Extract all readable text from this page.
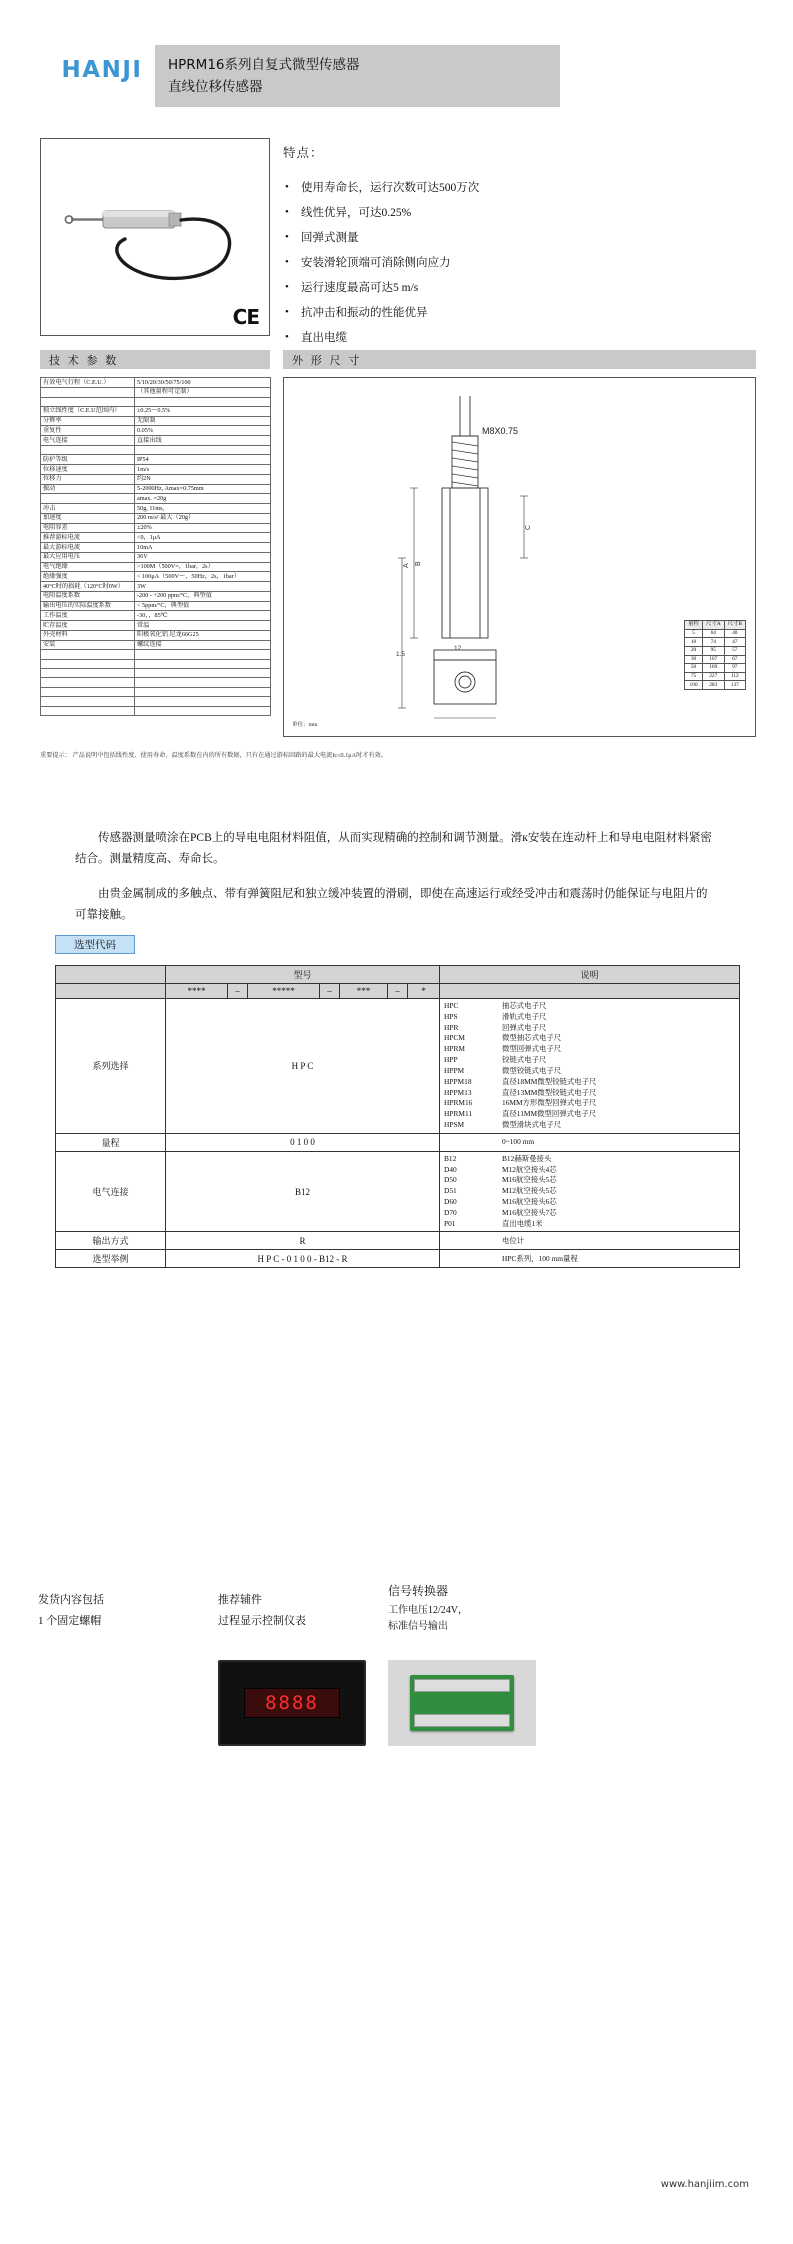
HANJI HPRM16系列自复式微型传感器
直线位移传感器
CE
特点：
• 使用寿命长，运行次数可达500万次
• 线性优异，可达0.25%
• 回弹式测量
• 安装滑轮顶端可消除侧向应力
• 运行速度最高可达5 m/s
• 抗冲击和振动的性能优异
• 直出电缆
技 术 参 数	外 形 尺 寸
有效电气行程（C.E.U.）	5/10/20/30/50/75/100
	（其他量程可定制）

独立线性度（C.E.U范围内）	±0.25～0.5%
分辨率	无限制
重复性	0.05%
电气连接	直接出线

防护等级	IP54
位移速度	1m/s
位移力	约2N
振动	5-2000Hz, Amax=0.75mm
	amax. =20g
冲击	50g, 11ms,
加速度	200 m/s² 最大（20g）
电阻容差	±20%
推荐游标电流	<0，1μA
最大游标电流	10mA
最大应用电压	36V
电气绝缘	>100M（500V=，1bar，2s）
绝缘强度	< 100μA（500V～，50Hz，2s，1bar）
40°C时的损耗（120°C时0W）	3W
电阻温度系数	-200 - +200 ppm/°C，典型值
输出电压的实际温度系数	< 5ppm/°C，典型值
工作温度	-30，，85℃
贮存温度	常温
外壳材料	阳极氧化铝 尼龙66G25
安装	螺纹连接

A B
C
M8X0.75
1.5
12
量程	尺寸A	尺寸B
5	64	40
10	74	47
20	95	57
30	107	67
50	169	97
75	227	112
100	283	137
单位：mm
重要提示： 产品说明中包括线性度、使用寿命、温度系数在内的所有数据，只有在通过游标回路的最大电流Ic≤0.1μA时才有效。
传感器测量喷涂在PCB上的导电电阻材料阻值，从而实现精确的控制和调节测量。滑к安装在连动杆上和导电电阻材料紧密结合。测量精度高、寿命长。
由贵金属制成的多触点、带有弹簧阻尼和独立缓冲装置的滑刷，即使在高速运行或经受冲击和震荡时仍能保证与电阻片的可靠接触。
选型代码
	型号							说明
	****	–	*****	–	***	–	*	
系列选择	H P C	
HPC	抽芯式电子尺
HPS	滑轨式电子尺
HPR	回弹式电子尺
HPCM	微型抽芯式电子尺
HPRM	微型回弹式电子尺
HPP	铰链式电子尺
HPPM	微型铰链式电子尺
HPPM18	直径18MM微型铰链式电子尺
HPPM13	直径13MM微型铰链式电子尺
HPRM16	16MM方形微型回弹式电子尺
HPRM11	直径11MM微型回弹式电子尺
HPSM	微型滑块式电子尺

量程	0 1 0 0							0~100 mm

电气连接	B12	
B12	B12赫斯曼接头
D40	M12航空接头4芯
D50	M16航空接头5芯
D51	M12航空接头5芯
D60	M16航空接头6芯
D70	M16航空接头7芯
P01	直出电缆1米

输出方式	R							电位计

选型举例	H P C - 0 1 0 0 - B12 - R							HPC系列，100 mm量程
发货内容包括
1 个固定螺帽
推荐辅件
过程显示控制仪表
信号转换器
工作电压12/24V，
标准信号输出
8888
www.hanjiim.com
